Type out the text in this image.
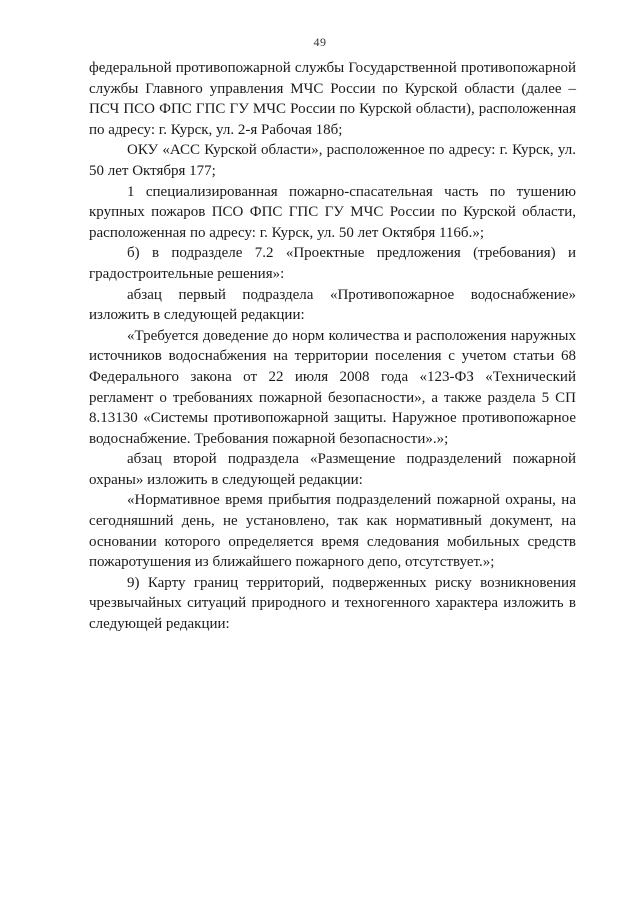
49

федеральной противопожарной службы Государственной противопожарной службы Главного управления МЧС России по Курской области (далее – ПСЧ ПСО ФПС ГПС ГУ МЧС России по Курской области), расположенная по адресу: г. Курск, ул. 2-я Рабочая 18б;

ОКУ «АСС Курской области», расположенное по адресу: г. Курск, ул. 50 лет Октября 177;

1 специализированная пожарно-спасательная часть по тушению крупных пожаров ПСО ФПС ГПС ГУ МЧС России по Курской области, расположенная по адресу: г. Курск, ул. 50 лет Октября 116б.»;

б) в подразделе 7.2 «Проектные предложения (требования) и градостроительные решения»:

абзац первый подраздела «Противопожарное водоснабжение» изложить в следующей редакции:

«Требуется доведение до норм количества и расположения наружных источников водоснабжения на территории поселения с учетом статьи 68 Федерального закона от 22 июля 2008 года «123-ФЗ «Технический регламент о требованиях пожарной безопасности», а также раздела 5 СП 8.13130 «Системы противопожарной защиты. Наружное противопожарное водоснабжение. Требования пожарной безопасности».»;

абзац второй подраздела «Размещение подразделений пожарной охраны» изложить в следующей редакции:

«Нормативное время прибытия подразделений пожарной охраны, на сегодняшний день, не установлено, так как нормативный документ, на основании которого определяется время следования мобильных средств пожаротушения из ближайшего пожарного депо, отсутствует.»;

9) Карту границ территорий, подверженных риску возникновения чрезвычайных ситуаций природного и техногенного характера изложить в следующей редакции:
